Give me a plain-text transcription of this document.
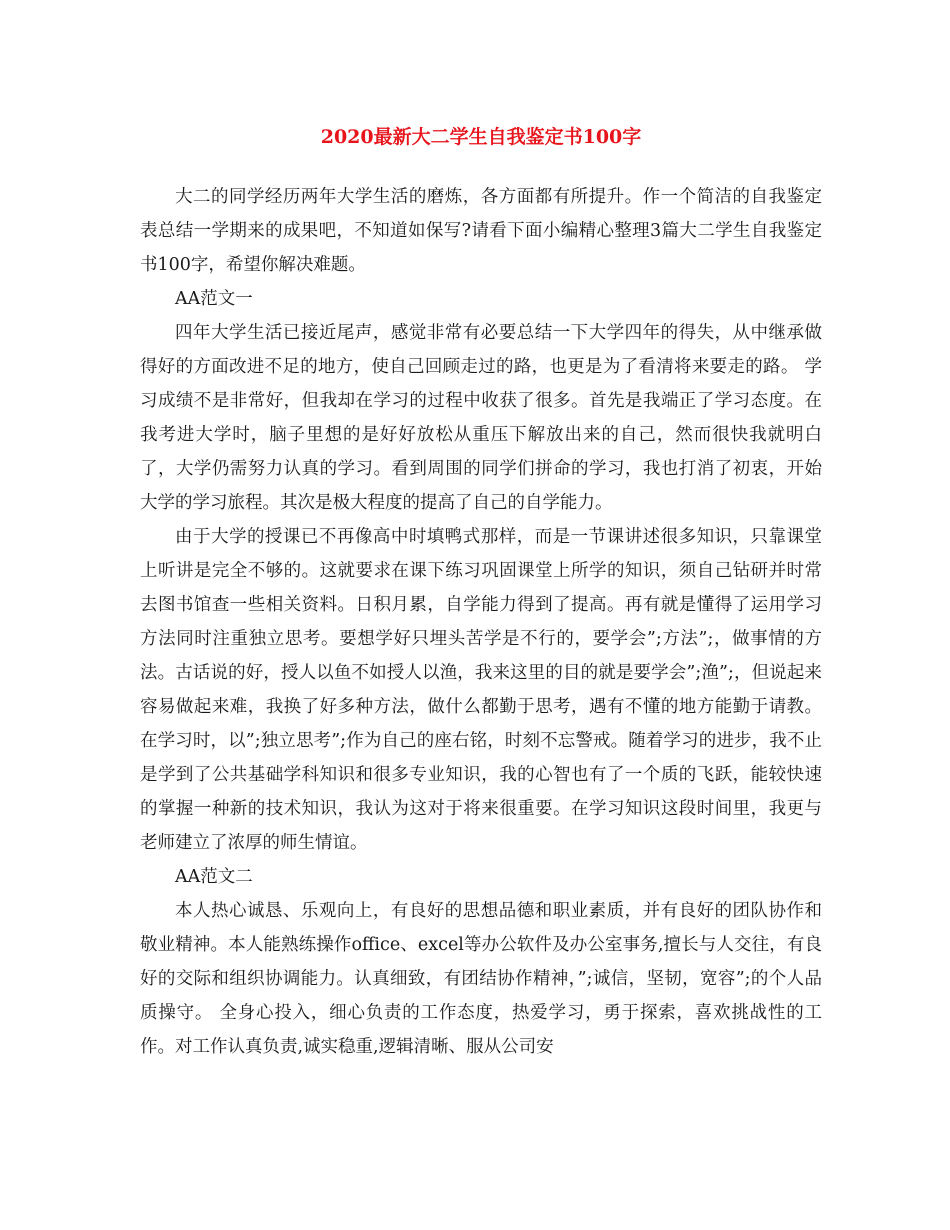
2020最新大二学生自我鉴定书100字

大二的同学经历两年大学生活的磨炼，各方面都有所提升。作一个简洁的自我鉴定表总结一学期来的成果吧，不知道如保写?请看下面小编精心整理3篇大二学生自我鉴定书100字，希望你解决难题。

AA范文一

四年大学生活已接近尾声，感觉非常有必要总结一下大学四年的得失，从中继承做得好的方面改进不足的地方，使自己回顾走过的路，也更是为了看清将来要走的路。 学习成绩不是非常好，但我却在学习的过程中收获了很多。首先是我端正了学习态度。在我考进大学时，脑子里想的是好好放松从重压下解放出来的自己，然而很快我就明白了，大学仍需努力认真的学习。看到周围的同学们拼命的学习，我也打消了初衷，开始大学的学习旅程。其次是极大程度的提高了自己的自学能力。

由于大学的授课已不再像高中时填鸭式那样，而是一节课讲述很多知识，只靠课堂上听讲是完全不够的。这就要求在课下练习巩固课堂上所学的知识，须自己钻研并时常去图书馆查一些相关资料。日积月累，自学能力得到了提高。再有就是懂得了运用学习方法同时注重独立思考。要想学好只埋头苦学是不行的，要学会”;方法”;，做事情的方法。古话说的好，授人以鱼不如授人以渔，我来这里的目的就是要学会”;渔”;，但说起来容易做起来难，我换了好多种方法，做什么都勤于思考，遇有不懂的地方能勤于请教。在学习时，以”;独立思考”;作为自己的座右铭，时刻不忘警戒。随着学习的进步，我不止是学到了公共基础学科知识和很多专业知识，我的心智也有了一个质的飞跃，能较快速的掌握一种新的技术知识，我认为这对于将来很重要。在学习知识这段时间里，我更与老师建立了浓厚的师生情谊。

AA范文二

本人热心诚恳、乐观向上，有良好的思想品德和职业素质，并有良好的团队协作和敬业精神。本人能熟练操作office、excel等办公软件及办公室事务,擅长与人交往，有良好的交际和组织协调能力。认真细致，有团结协作精神，”;诚信，坚韧，宽容”;的个人品质操守。 全身心投入，细心负责的工作态度，热爱学习，勇于探索，喜欢挑战性的工作。对工作认真负责,诚实稳重,逻辑清晰、服从公司安
